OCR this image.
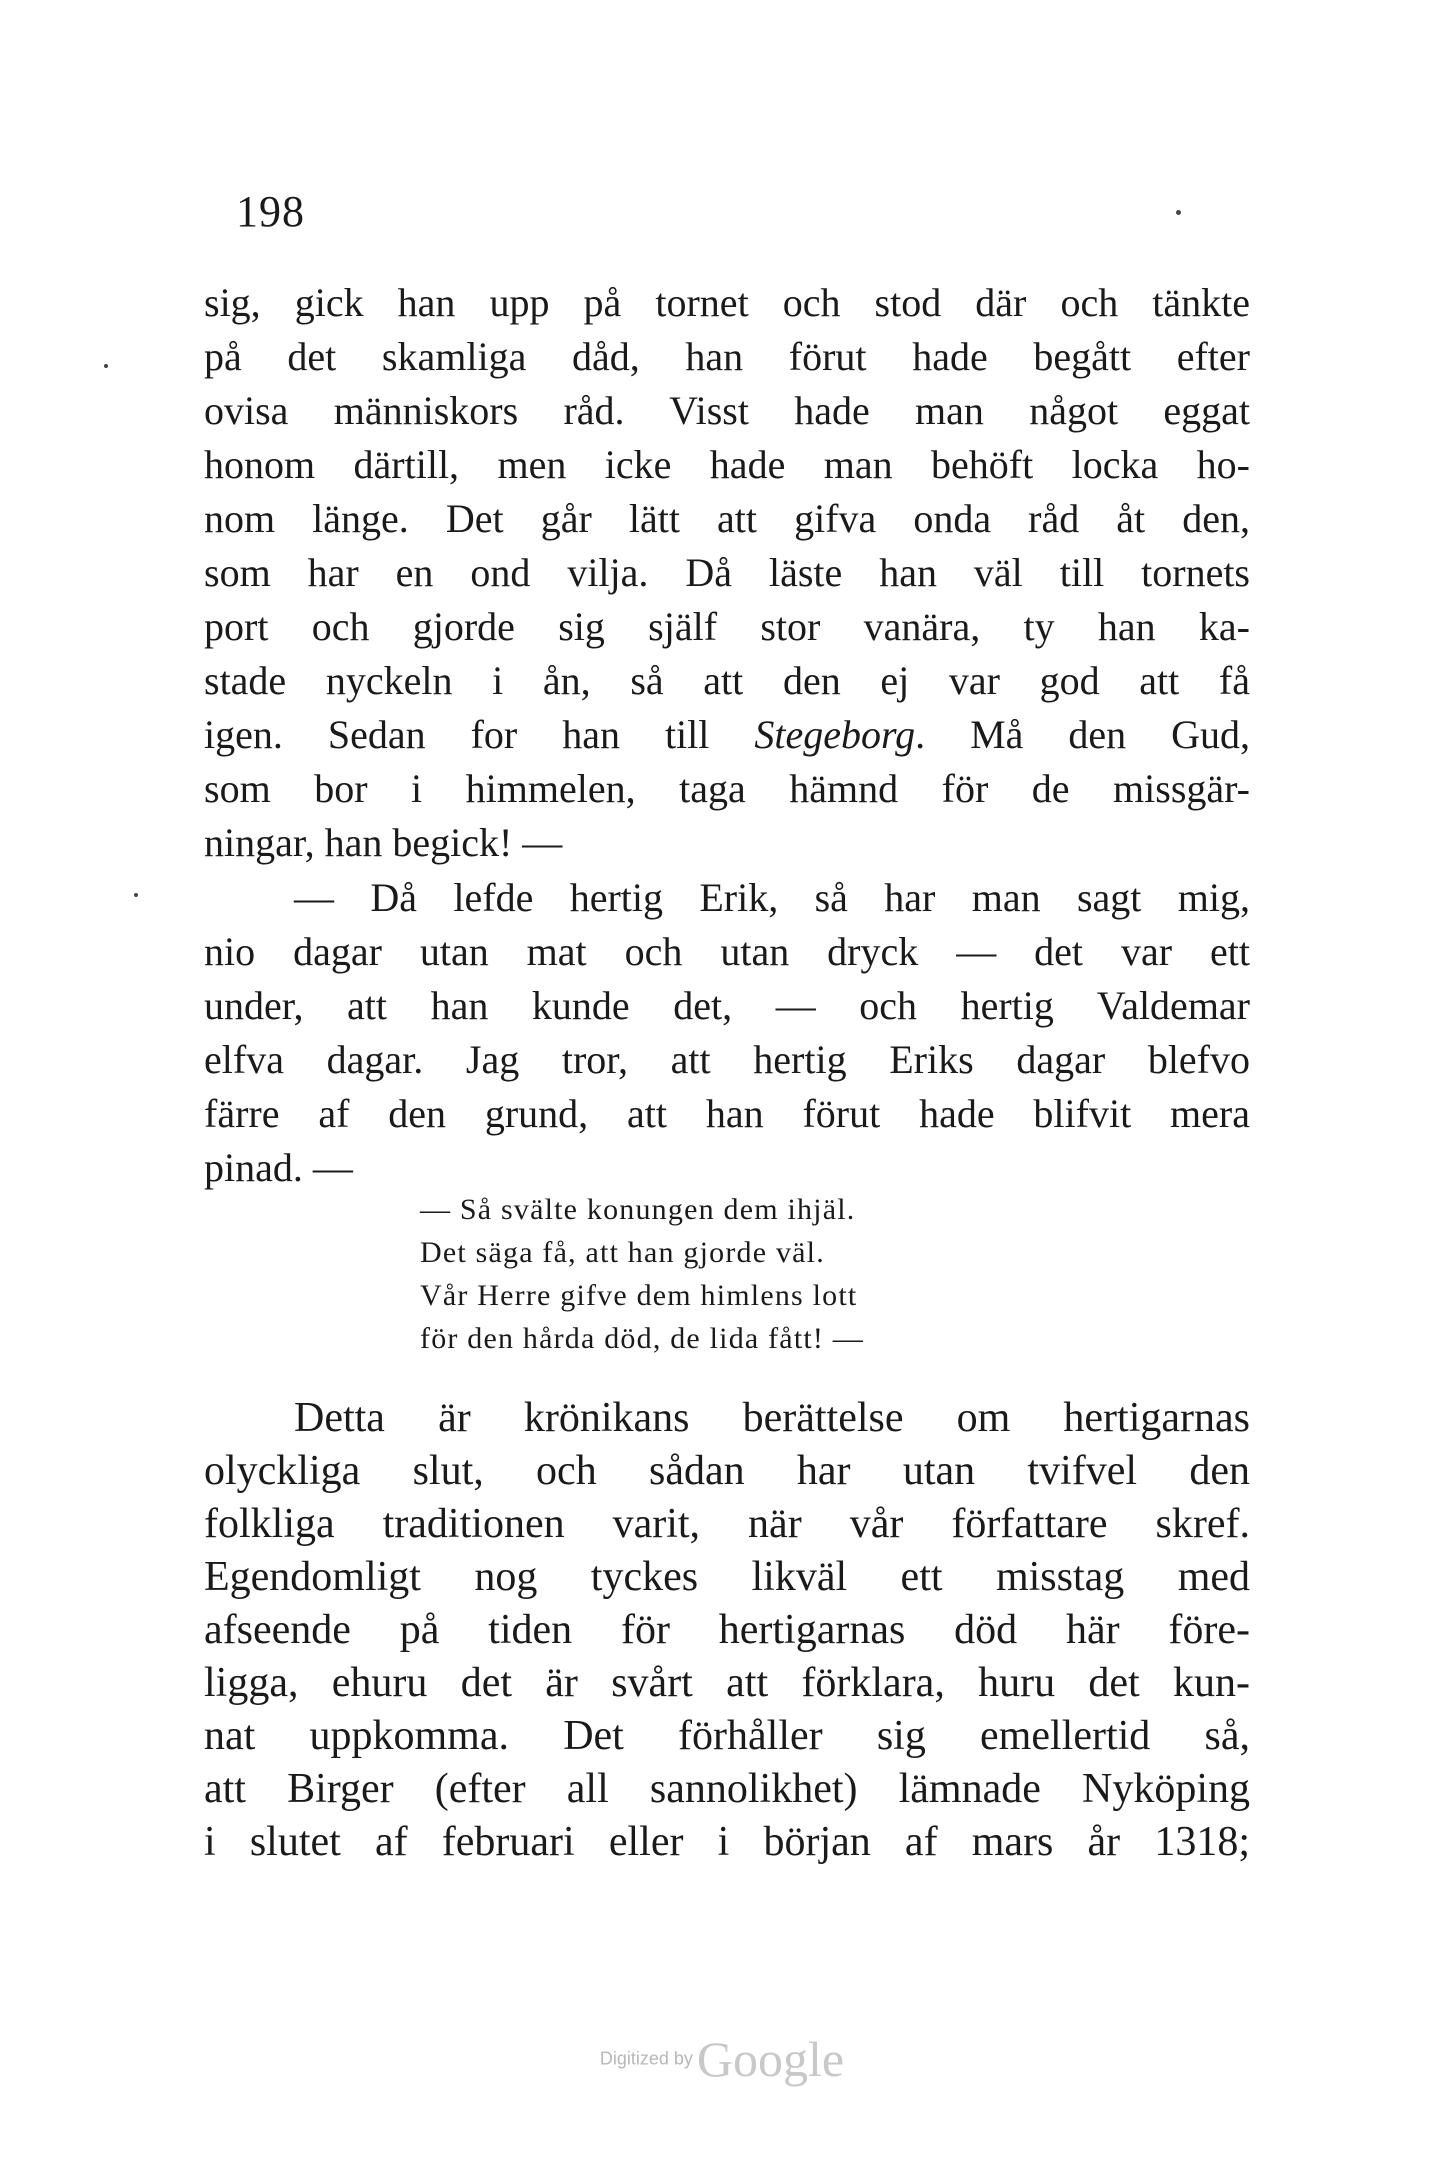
198
sig, gick han upp på tornet och stod där och tänkte
på det skamliga dåd, han förut hade begått efter
ovisa människors råd. Visst hade man något eggat
honom därtill, men icke hade man behöft locka ho-
nom länge. Det går lätt att gifva onda råd åt den,
som har en ond vilja. Då läste han väl till tornets
port och gjorde sig själf stor vanära, ty han ka-
stade nyckeln i ån, så att den ej var god att få
igen. Sedan for han till Stegeborg. Må den Gud,
som bor i himmelen, taga hämnd för de missgär-
ningar, han begick! —
— Då lefde hertig Erik, så har man sagt mig,
nio dagar utan mat och utan dryck — det var ett
under, att han kunde det, — och hertig Valdemar
elfva dagar. Jag tror, att hertig Eriks dagar blefvo
färre af den grund, att han förut hade blifvit mera
pinad. —
— Så svälte konungen dem ihjäl.
Det säga få, att han gjorde väl.
Vår Herre gifve dem himlens lott
för den hårda död, de lida fått! —
Detta är krönikans berättelse om hertigarnas
olyckliga slut, och sådan har utan tvifvel den
folkliga traditionen varit, när vår författare skref.
Egendomligt nog tyckes likväl ett misstag med
afseende på tiden för hertigarnas död här före-
ligga, ehuru det är svårt att förklara, huru det kun-
nat uppkomma. Det förhåller sig emellertid så,
att Birger (efter all sannolikhet) lämnade Nyköping
i slutet af februari eller i början af mars år 1318;
Digitized by Google
